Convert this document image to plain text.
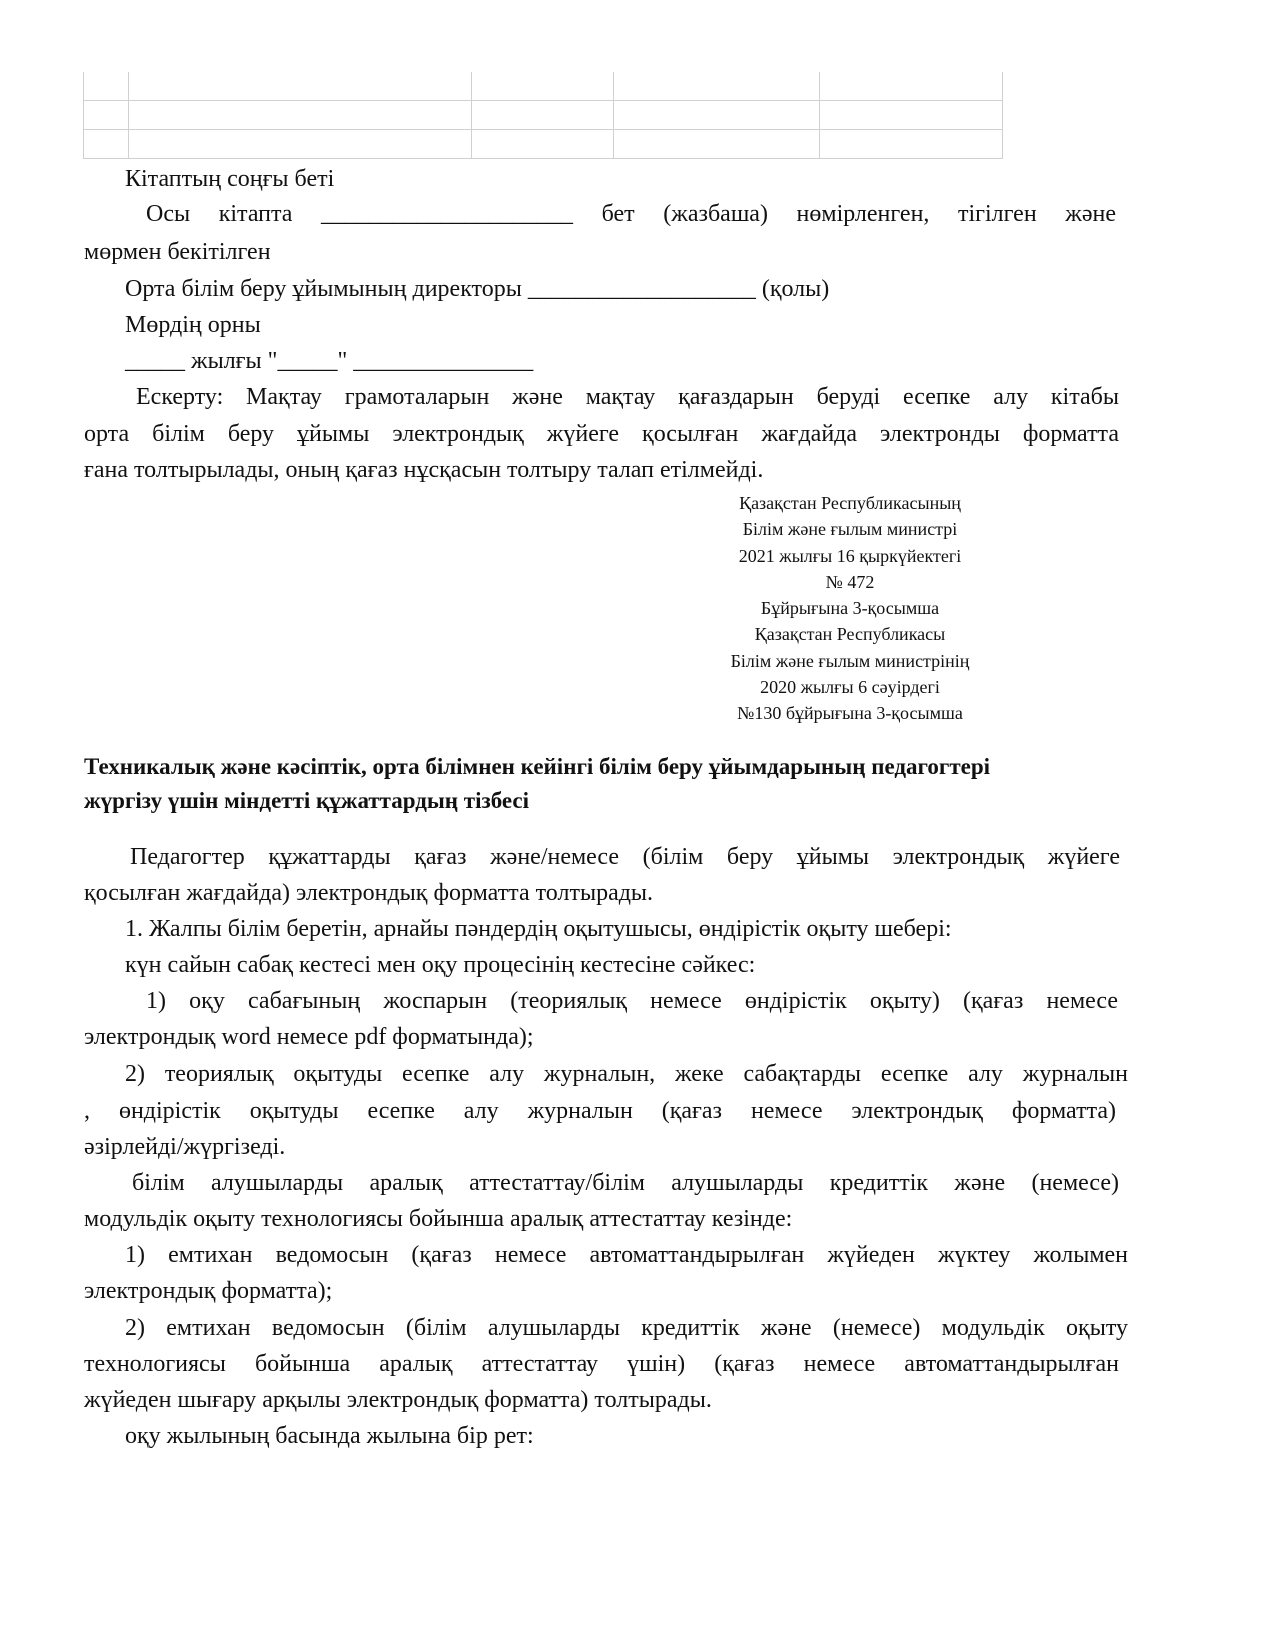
Кітаптың соңғы беті
Осы кітапта _____________________ бет (жазбаша) нөмірленген, тігілген және
мөрмен бекітілген
Орта білім беру ұйымының директоры ___________________ (қолы)
Мөрдің орны
_____ жылғы "_____" _______________
Ескерту: Мақтау грамоталарын және мақтау қағаздарын беруді есепке алу кітабы
орта білім беру ұйымы электрондық жүйеге қосылған жағдайда электронды форматта
ғана толтырылады, оның қағаз нұсқасын толтыру талап етілмейді.
Қазақстан Республикасының
Білім және ғылым министрі
2021 жылғы 16 қыркүйектегі
№ 472
Бұйрығына 3-қосымша
Қазақстан Республикасы
Білім және ғылым министрінің
2020 жылғы 6 сәуірдегі
№130 бұйрығына 3-қосымша
Техникалық және кәсіптік, орта білімнен кейінгі білім беру ұйымдарының педагогтері
жүргізу үшін міндетті құжаттардың тізбесі
Педагогтер құжаттарды қағаз және/немесе (білім беру ұйымы электрондық жүйеге
қосылған жағдайда) электрондық форматта толтырады.
1. Жалпы білім беретін, арнайы пәндердің оқытушысы, өндірістік оқыту шебері:
күн сайын сабақ кестесі мен оқу процесінің кестесіне сәйкес:
1) оқу сабағының жоспарын (теориялық немесе өндірістік оқыту) (қағаз немесе
электрондық word немесе pdf форматында);
2) теориялық оқытуды есепке алу журналын, жеке сабақтарды есепке алу журналын
, өндірістік оқытуды есепке алу журналын (қағаз немесе электрондық форматта)
әзірлейді/жүргізеді.
білім алушыларды аралық аттестаттау/білім алушыларды кредиттік және (немесе)
модульдік оқыту технологиясы бойынша аралық аттестаттау кезінде:
1) емтихан ведомосын (қағаз немесе автоматтандырылған жүйеден жүктеу жолымен
электрондық форматта);
2) емтихан ведомосын (білім алушыларды кредиттік және (немесе) модульдік оқыту
технологиясы бойынша аралық аттестаттау үшін) (қағаз немесе автоматтандырылған
жүйеден шығару арқылы электрондық форматта) толтырады.
оқу жылының басында жылына бір рет:
